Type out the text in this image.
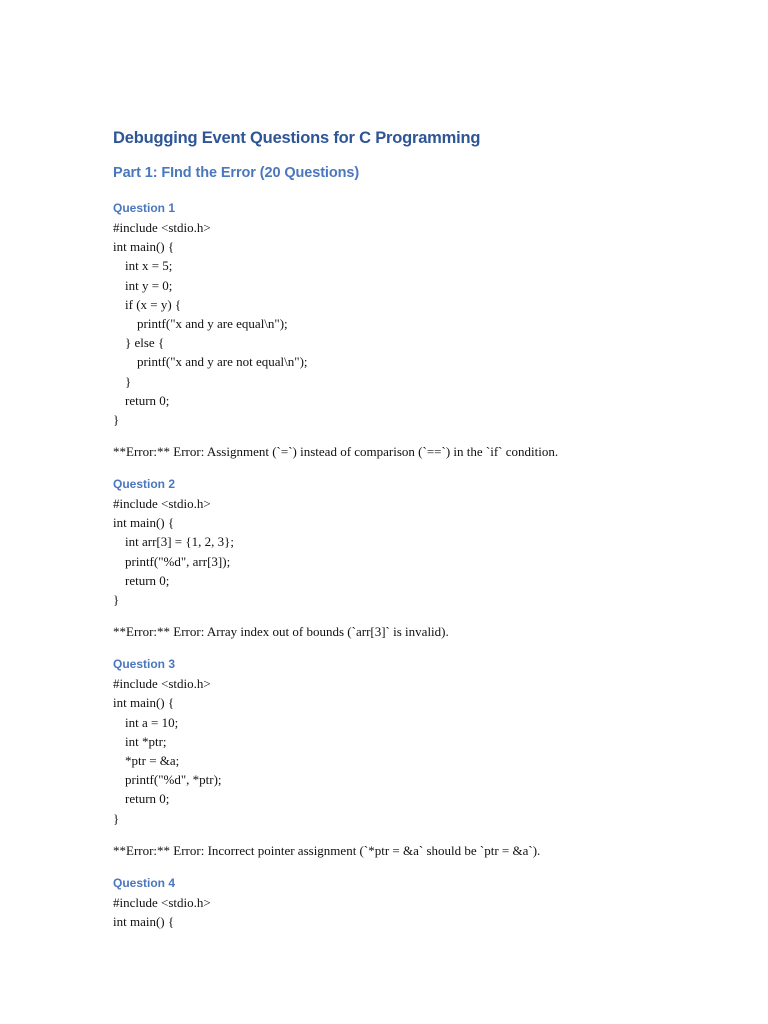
Debugging Event Questions for C Programming
Part 1: FInd the Error (20 Questions)
Question 1
#include <stdio.h>
int main() {
int x = 5;
int y = 0;
if (x = y) {
printf("x and y are equal\n");
} else {
printf("x and y are not equal\n");
}
return 0;
}
**Error:** Error: Assignment (`=`) instead of comparison (`==`) in the `if` condition.
Question 2
#include <stdio.h>
int main() {
int arr[3] = {1, 2, 3};
printf("%d", arr[3]);
return 0;
}
**Error:** Error: Array index out of bounds (`arr[3]` is invalid).
Question 3
#include <stdio.h>
int main() {
int a = 10;
int *ptr;
*ptr = &a;
printf("%d", *ptr);
return 0;
}
**Error:** Error: Incorrect pointer assignment (`*ptr = &a` should be `ptr = &a`).
Question 4
#include <stdio.h>
int main() {
